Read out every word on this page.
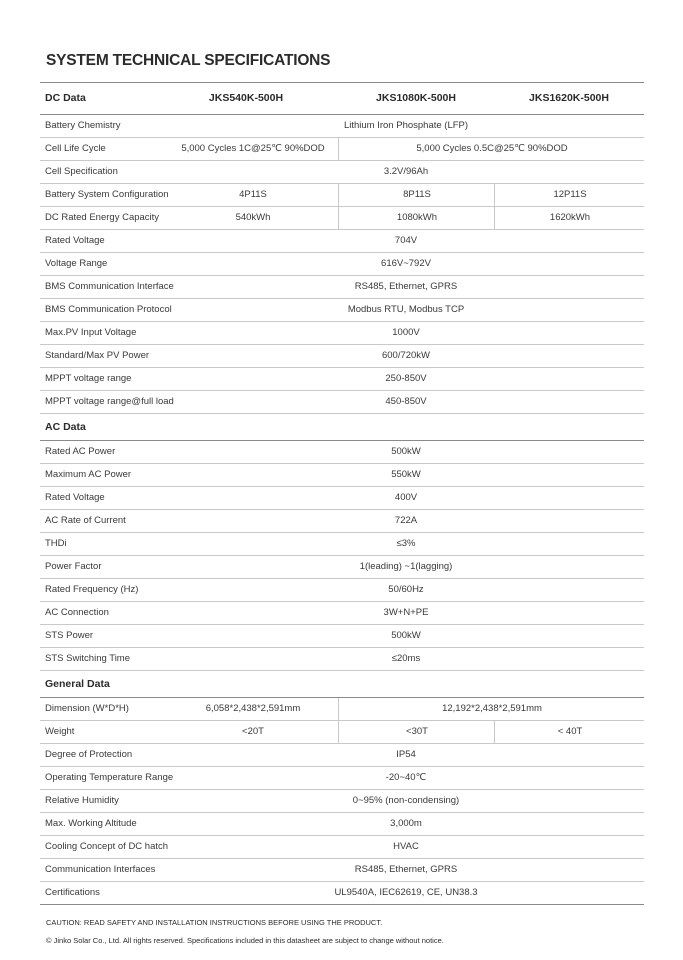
SYSTEM TECHNICAL SPECIFICATIONS
DC Data	JKS540K-500H	JKS1080K-500H	JKS1620K-500H
Battery Chemistry	Lithium Iron Phosphate (LFP)
Cell Life Cycle	5,000 Cycles 1C@25℃ 90%DOD	5,000 Cycles 0.5C@25℃ 90%DOD
Cell Specification	3.2V/96Ah
Battery System Configuration	4P11S	8P11S	12P11S
DC Rated Energy Capacity	540kWh	1080kWh	1620kWh
Rated Voltage	704V
Voltage Range	616V~792V
BMS Communication Interface	RS485, Ethernet, GPRS
BMS Communication Protocol	Modbus RTU, Modbus TCP
Max.PV Input Voltage	1000V
Standard/Max PV Power	600/720kW
MPPT voltage range	250-850V
MPPT voltage range@full load	450-850V
AC Data
Rated AC Power	500kW
Maximum AC Power	550kW
Rated Voltage	400V
AC Rate of Current	722A
THDi	≤3%
Power Factor	1(leading) ~1(lagging)
Rated Frequency (Hz)	50/60Hz
AC Connection	3W+N+PE
STS Power	500kW
STS Switching Time	≤20ms
General Data
Dimension (W*D*H)	6,058*2,438*2,591mm	12,192*2,438*2,591mm
Weight	<20T	<30T	< 40T
Degree of Protection	IP54
Operating Temperature Range	-20~40℃
Relative Humidity	0~95% (non-condensing)
Max. Working Altitude	3,000m
Cooling Concept of DC hatch	HVAC
Communication Interfaces	RS485, Ethernet, GPRS
Certifications	UL9540A, IEC62619, CE, UN38.3
CAUTION: READ SAFETY AND INSTALLATION INSTRUCTIONS BEFORE USING THE PRODUCT.
© Jinko Solar Co., Ltd. All rights reserved. Specifications included in this datasheet are subject to change without notice.
